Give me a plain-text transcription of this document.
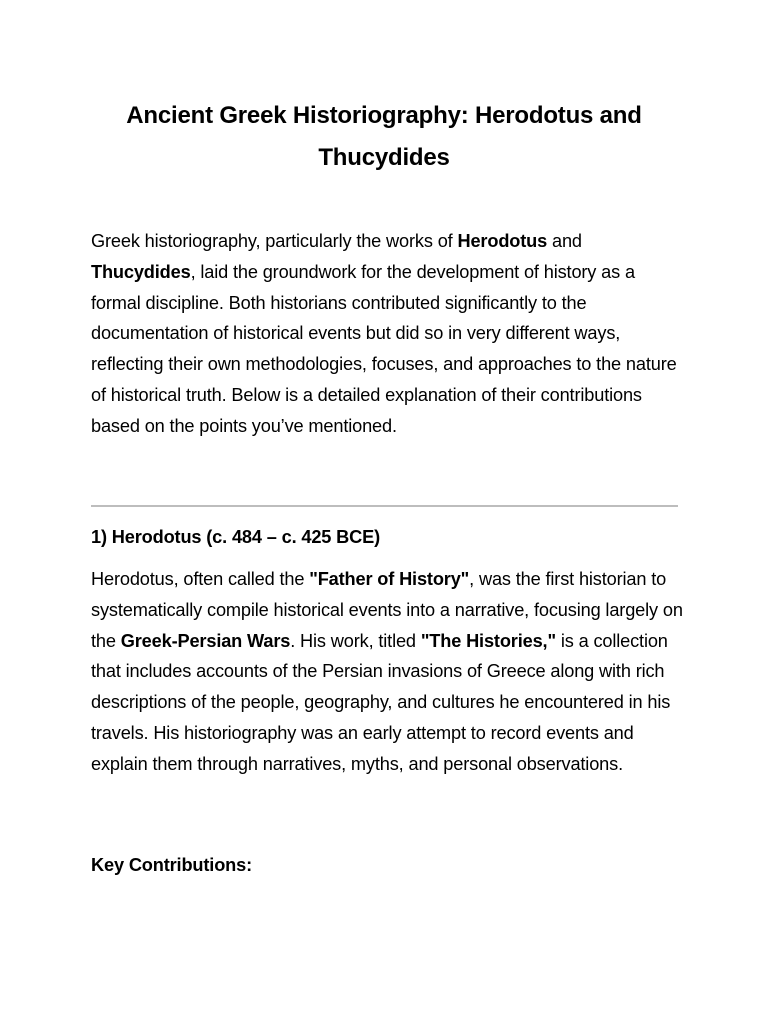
Ancient Greek Historiography: Herodotus and Thucydides
Greek historiography, particularly the works of Herodotus and Thucydides, laid the groundwork for the development of history as a formal discipline. Both historians contributed significantly to the documentation of historical events but did so in very different ways, reflecting their own methodologies, focuses, and approaches to the nature of historical truth. Below is a detailed explanation of their contributions based on the points you’ve mentioned.
1) Herodotus (c. 484 – c. 425 BCE)
Herodotus, often called the "Father of History", was the first historian to systematically compile historical events into a narrative, focusing largely on the Greek-Persian Wars. His work, titled "The Histories," is a collection that includes accounts of the Persian invasions of Greece along with rich descriptions of the people, geography, and cultures he encountered in his travels. His historiography was an early attempt to record events and explain them through narratives, myths, and personal observations.
Key Contributions:
